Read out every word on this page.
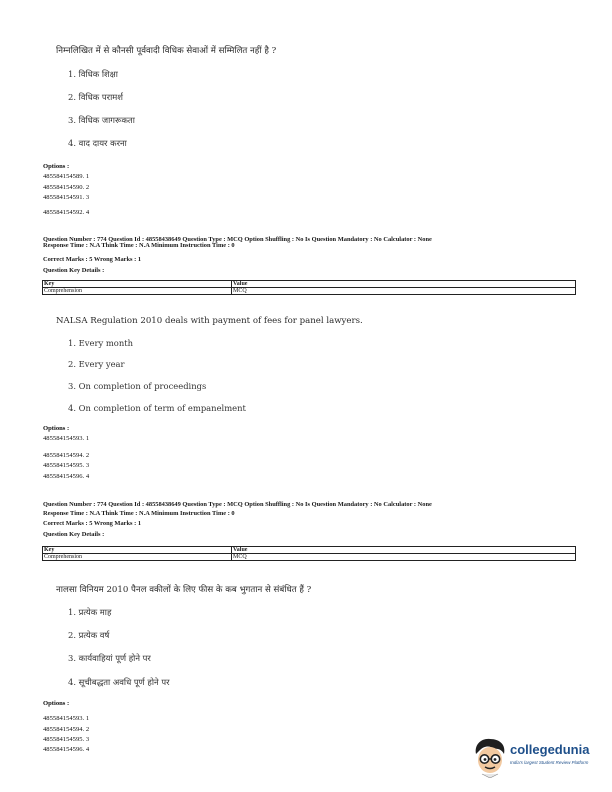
निम्नलिखित में से कौनसी पूर्ववादी विधिक सेवाओं में सम्मिलित नहीं है ?
1. विधिक शिक्षा
2. विधिक परामर्श
3. विधिक जागरूकता
4. वाद दायर करना
Options :
485584154589. 1
485584154590. 2
485584154591. 3
485584154592. 4
Question Number : 774 Question Id : 48558438649 Question Type : MCQ Option Shuffling : No Is Question Mandatory : No Calculator : None
Response Time : N.A Think Time : N.A Minimum Instruction Time : 0
Correct Marks : 5 Wrong Marks : 1
Question Key Details :
Key	Value
Comprehension	MCQ
NALSA Regulation 2010 deals with payment of fees for panel lawyers.
1. Every month
2. Every year
3. On completion of proceedings
4. On completion of term of empanelment
Options :
485584154593. 1
485584154594. 2
485584154595. 3
485584154596. 4
Question Number : 774 Question Id : 48558438649 Question Type : MCQ Option Shuffling : No Is Question Mandatory : No Calculator : None
Response Time : N.A Think Time : N.A Minimum Instruction Time : 0
Correct Marks : 5 Wrong Marks : 1
Question Key Details :
Key	Value
Comprehension	MCQ
नालसा विनियम 2010 पैनल वकीलों के लिए फीस के कब भुगतान से संबंधित हैं ?
1. प्रत्येक माह
2. प्रत्येक वर्ष
3. कार्यवाहियां पूर्ण होने पर
4. सूचीबद्धता अवधि पूर्ण होने पर
Options :
485584154593. 1
485584154594. 2
485584154595. 3
485584154596. 4	collegedunia
India's largest Student Review Platform
